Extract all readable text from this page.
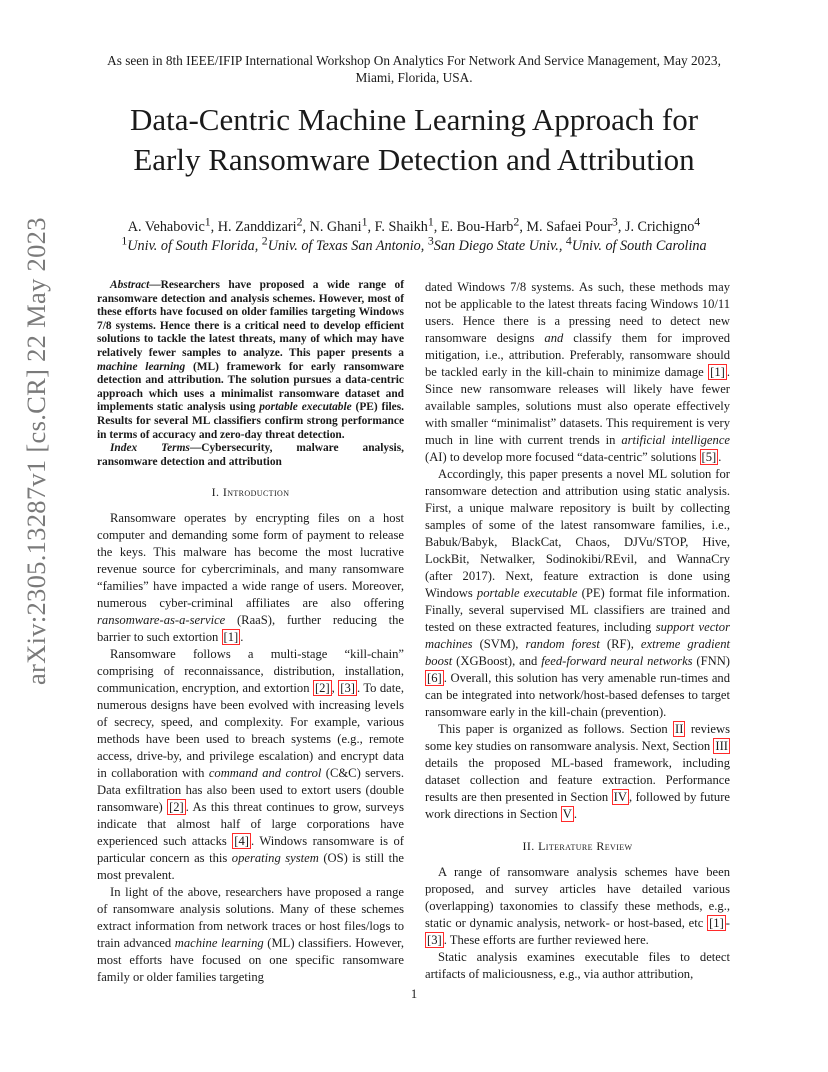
As seen in 8th IEEE/IFIP International Workshop On Analytics For Network And Service Management, May 2023, Miami, Florida, USA.
Data-Centric Machine Learning Approach for
Early Ransomware Detection and Attribution
A. Vehabovic$^1$, H. Zanddizari$^2$, N. Ghani$^1$, F. Shaikh$^1$, E. Bou-Harb$^2$, M. Safaei Pour$^3$, J. Crichigno$^4$
$^1$Univ. of South Florida, $^2$Univ. of Texas San Antonio, $^3$San Diego State Univ., $^4$Univ. of South Carolina
arXiv:2305.13287v1 [cs.CR] 22 May 2023	Abstract—Researchers have proposed a wide range of ransomware detection and analysis schemes. However, most of these efforts have focused on older families targeting Windows 7/8 systems. Hence there is a critical need to develop efficient solutions to tackle the latest threats, many of which may have relatively fewer samples to analyze. This paper presents a machine learning (ML) framework for early ransomware detection and attribution. The solution pursues a data-centric approach which uses a minimalist ransomware dataset and implements static analysis using portable executable (PE) files. Results for several ML classifiers confirm strong performance in terms of accuracy and zero-day threat detection.

Index Terms—Cybersecurity, malware analysis, ransomware detection and attribution

I. Introduction

Ransomware operates by encrypting files on a host computer and demanding some form of payment to release the keys. This malware has become the most lucrative revenue source for cybercriminals, and many ransomware “families” have impacted a wide range of users. Moreover, numerous cyber-criminal affiliates are also offering ransomware-as-a-service (RaaS), further reducing the barrier to such extortion [1] .

Ransomware follows a multi-stage “kill-chain” comprising of reconnaissance, distribution, installation, communication, encryption, and extortion [2] , [3] . To date, numerous designs have been evolved with increasing levels of secrecy, speed, and complexity. For example, various methods have been used to breach systems (e.g., remote access, drive-by, and privilege escalation) and encrypt data in collaboration with command and control (C&C) servers. Data exfiltration has also been used to extort users (double ransomware) [2] . As this threat continues to grow, surveys indicate that almost half of large corporations have experienced such attacks [4] . Windows ransomware is of particular concern as this operating system (OS) is still the most prevalent.

In light of the above, researchers have proposed a range of ransomware analysis solutions. Many of these schemes extract information from network traces or host files/logs to train advanced machine learning (ML) classifiers. However, most efforts have focused on one specific ransomware family or older families targeting

dated Windows 7/8 systems. As such, these methods may not be applicable to the latest threats facing Windows 10/11 users. Hence there is a pressing need to detect new ransomware designs and classify them for improved mitigation, i.e., attribution. Preferably, ransomware should be tackled early in the kill-chain to minimize damage [1] . Since new ransomware releases will likely have fewer available samples, solutions must also operate effectively with smaller “minimalist” datasets. This requirement is very much in line with current trends in artificial intelligence (AI) to develop more focused “data-centric” solutions [5] .

Accordingly, this paper presents a novel ML solution for ransomware detection and attribution using static analysis. First, a unique malware repository is built by collecting samples of some of the latest ransomware families, i.e., Babuk/Babyk, BlackCat, Chaos, DJVu/STOP, Hive, LockBit, Netwalker, Sodinokibi/REvil, and WannaCry (after 2017). Next, feature extraction is done using Windows portable executable (PE) format file information. Finally, several supervised ML classifiers are trained and tested on these extracted features, including support vector machines (SVM), random forest (RF), extreme gradient boost (XGBoost), and feed-forward neural networks (FNN) [6] . Overall, this solution has very amenable run-times and can be integrated into network/host-based defenses to target ransomware early in the kill-chain (prevention).

This paper is organized as follows. Section II reviews some key studies on ransomware analysis. Next, Section III details the proposed ML-based framework, including dataset collection and feature extraction. Performance results are then presented in Section IV , followed by future work directions in Section V .

II. Literature Review

A range of ransomware analysis schemes have been proposed, and survey articles have detailed various (overlapping) taxonomies to classify these methods, e.g., static or dynamic analysis, network- or host-based, etc [1] - [3] . These efforts are further reviewed here.

Static analysis examines executable files to detect artifacts of maliciousness, e.g., via author attribution,

1
